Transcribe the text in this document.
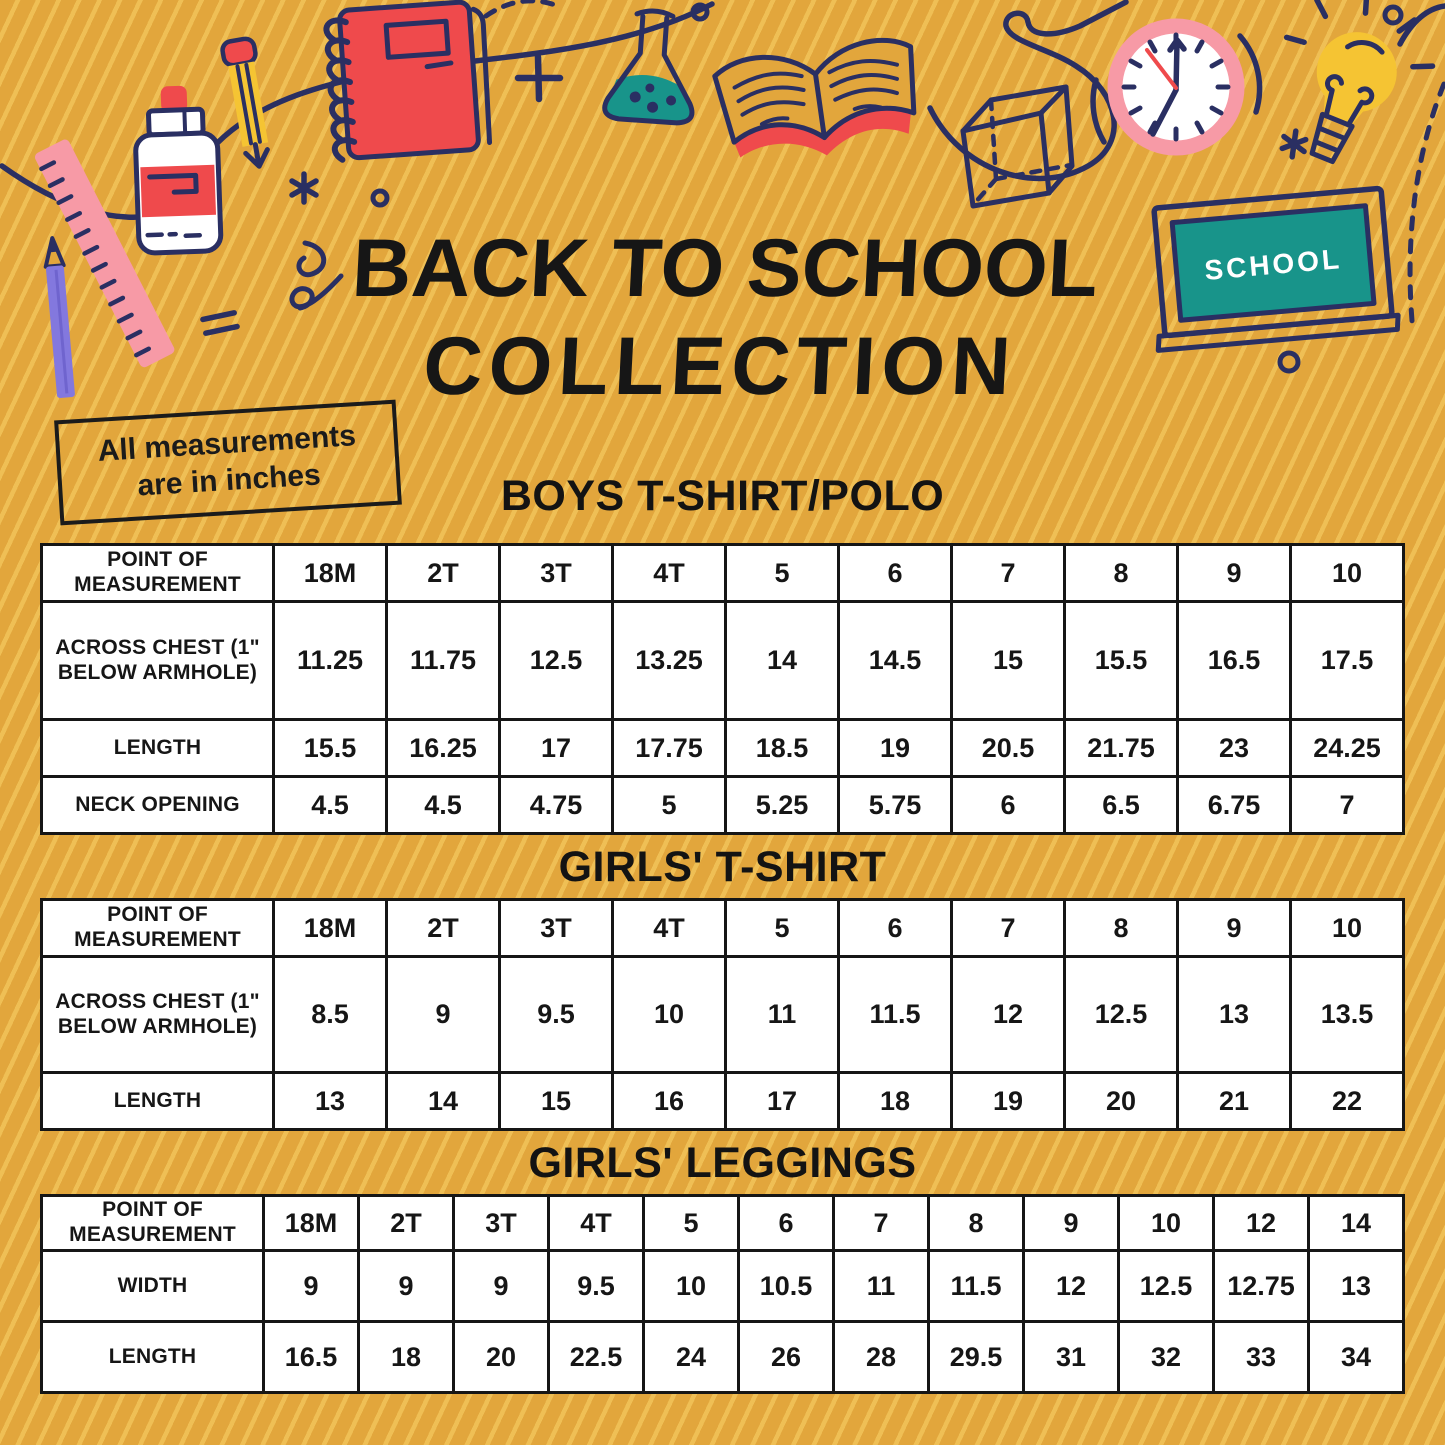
SCHOOL
BACK TO SCHOOL
COLLECTION
All measurements
are in inches	BOYS T-SHIRT/POLO
GIRLS' T-SHIRT
GIRLS' LEGGINGS
POINT OF MEASUREMENT	18M	2T	3T	4T	5	6	7	8	9	10
ACROSS CHEST (1" BELOW ARMHOLE)	11.25	11.75	12.5	13.25	14	14.5	15	15.5	16.5	17.5
LENGTH	15.5	16.25	17	17.75	18.5	19	20.5	21.75	23	24.25
NECK OPENING	4.5	4.5	4.75	5	5.25	5.75	6	6.5	6.75	7
POINT OF MEASUREMENT	18M	2T	3T	4T	5	6	7	8	9	10
ACROSS CHEST (1" BELOW ARMHOLE)	8.5	9	9.5	10	11	11.5	12	12.5	13	13.5
LENGTH	13	14	15	16	17	18	19	20	21	22
POINT OF MEASUREMENT	18M	2T	3T	4T	5	6	7	8	9	10	12	14
WIDTH	9	9	9	9.5	10	10.5	11	11.5	12	12.5	12.75	13
LENGTH	16.5	18	20	22.5	24	26	28	29.5	31	32	33	34
